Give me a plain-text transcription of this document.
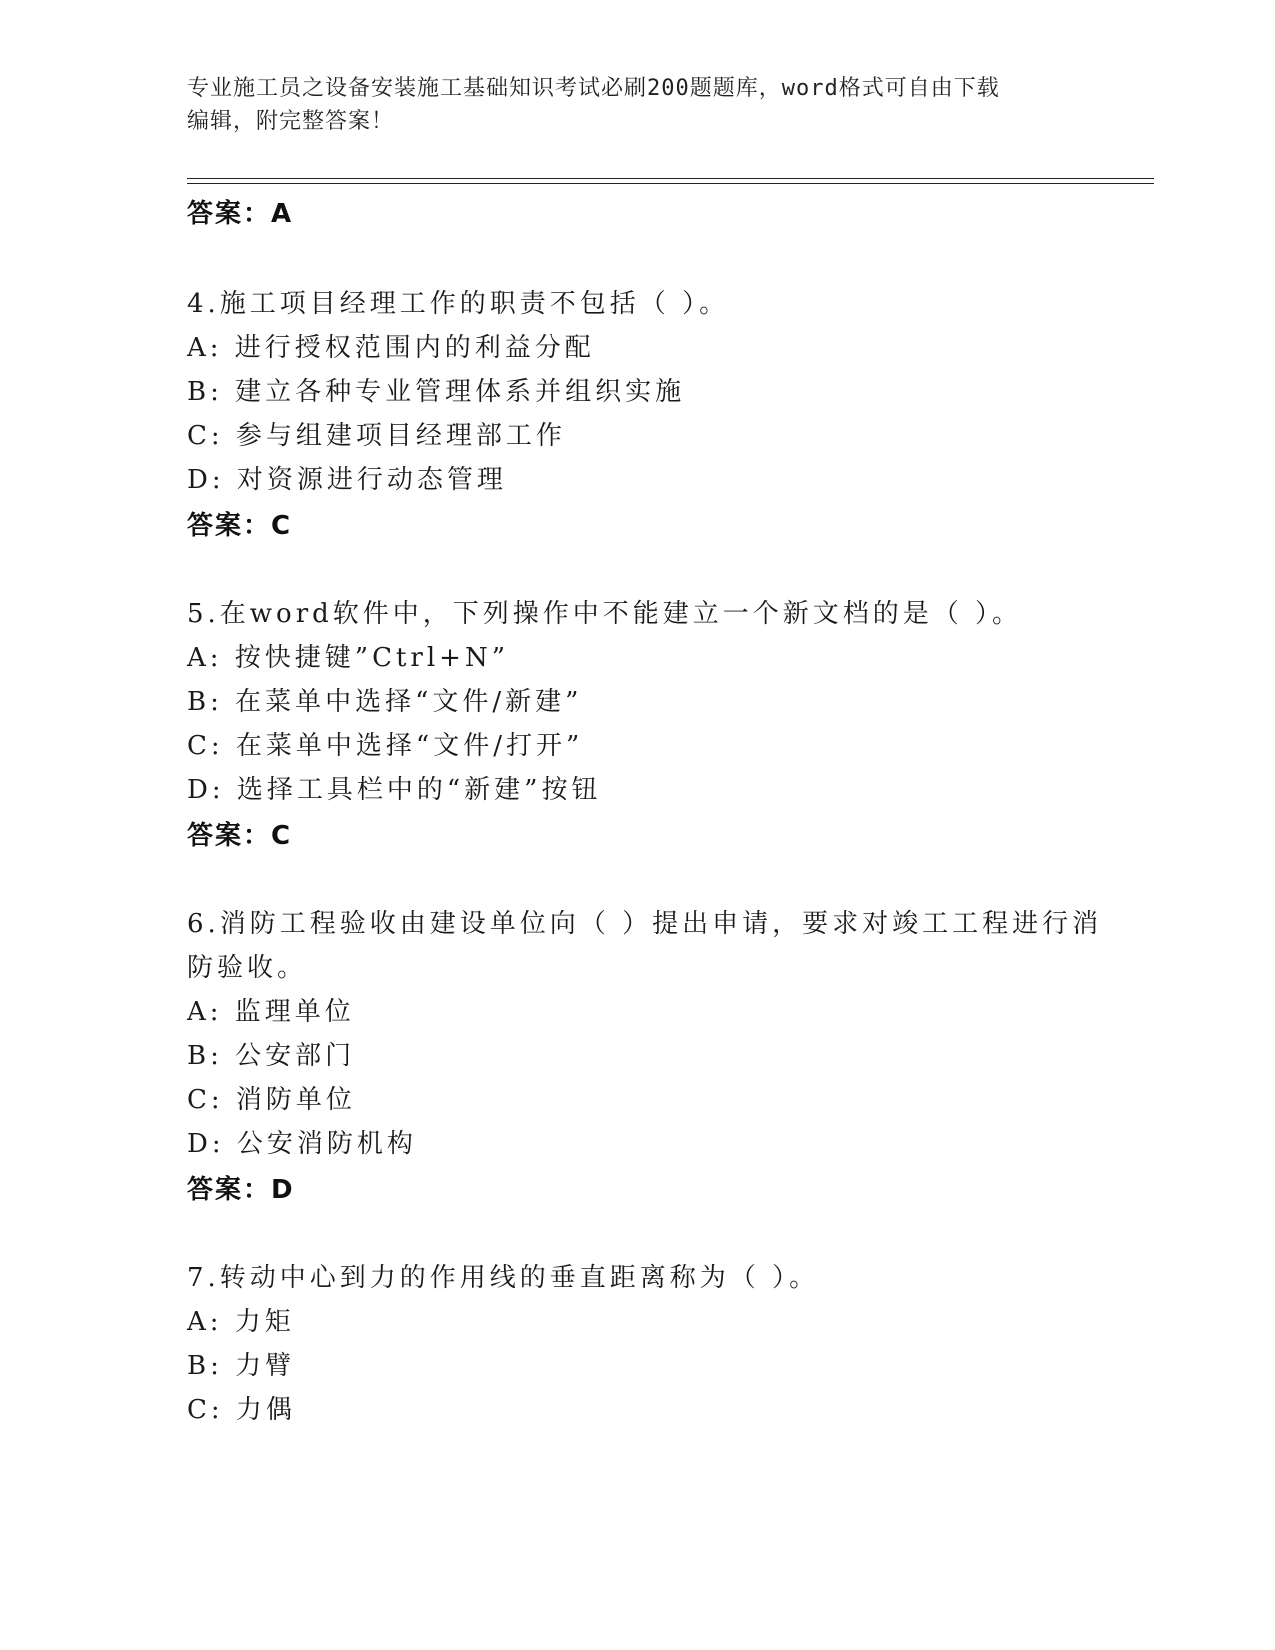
专业施工员之设备安装施工基础知识考试必刷200题题库，word格式可自由下载
编辑，附完整答案！
答案：A
4.施工项目经理工作的职责不包括（ ）。
A: 进行授权范围内的利益分配
B: 建立各种专业管理体系并组织实施
C: 参与组建项目经理部工作
D: 对资源进行动态管理
答案：C
5.在word软件中，下列操作中不能建立一个新文档的是（ ）。
A: 按快捷键”Ctrl+N”
B: 在菜单中选择“文件/新建”
C: 在菜单中选择“文件/打开”
D: 选择工具栏中的“新建”按钮
答案：C
6.消防工程验收由建设单位向（ ）提出申请，要求对竣工工程进行消
防验收。
A: 监理单位
B: 公安部门
C: 消防单位
D: 公安消防机构
答案：D
7.转动中心到力的作用线的垂直距离称为（ ）。
A: 力矩
B: 力臂
C: 力偶
